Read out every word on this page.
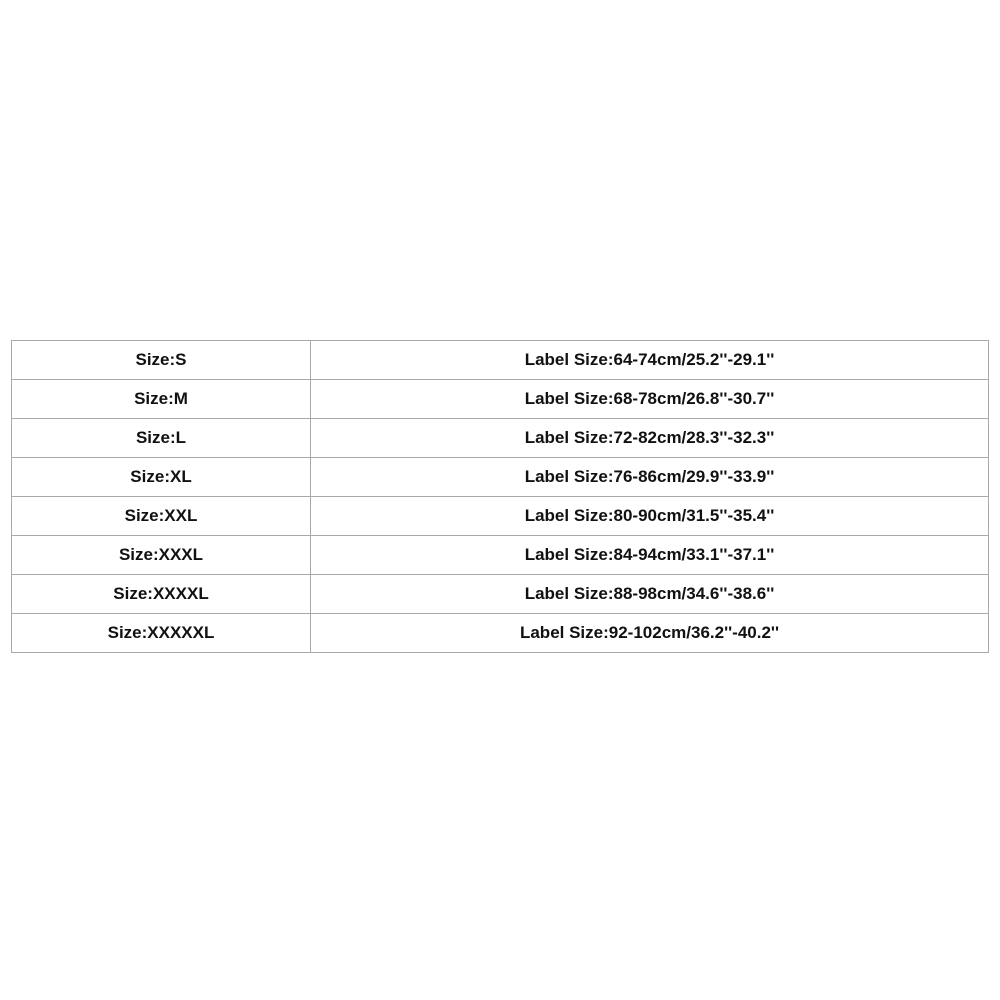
Size:S	Label Size:64-74cm/25.2''-29.1''
Size:M	Label Size:68-78cm/26.8''-30.7''
Size:L	Label Size:72-82cm/28.3''-32.3''
Size:XL	Label Size:76-86cm/29.9''-33.9''
Size:XXL	Label Size:80-90cm/31.5''-35.4''
Size:XXXL	Label Size:84-94cm/33.1''-37.1''
Size:XXXXL	Label Size:88-98cm/34.6''-38.6''
Size:XXXXXL	Label Size:92-102cm/36.2''-40.2''
